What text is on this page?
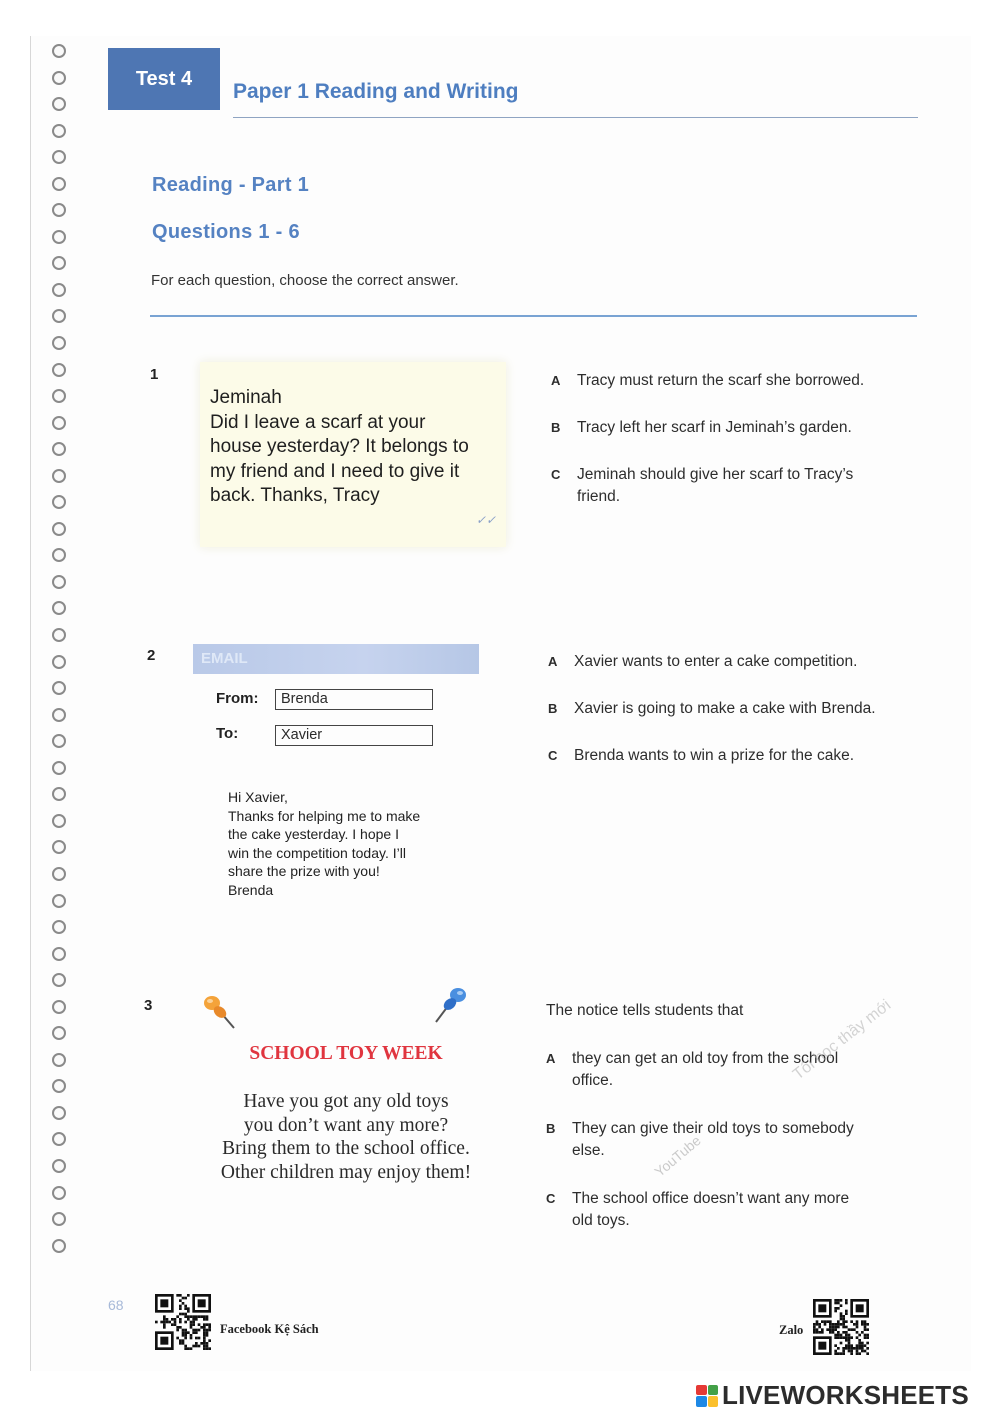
Test 4
Paper 1 Reading and Writing
Reading - Part 1
Questions 1 - 6
For each question, choose the correct answer.
1
Jeminah
Did I leave a scarf at your
house yesterday? It belongs to
my friend and I need to give it
back. Thanks, Tracy
✓✓
A Tracy must return the scarf she borrowed.
B Tracy left her scarf in Jeminah’s garden.
C Jeminah should give her scarf to Tracy’s
friend.
2	EMAIL
From:	Brenda
To:	Xavier
Hi Xavier,
Thanks for helping me to make
the cake yesterday. I hope I
win the competition today. I’ll
share the prize with you!
Brenda
A Xavier wants to enter a cake competition.
B Xavier is going to make a cake with Brenda.
C Brenda wants to win a prize for the cake.
3
SCHOOL TOY WEEK
Have you got any old toys
you don’t want any more?
Bring them to the school office.
Other children may enjoy them!
The notice tells students that
A they can get an old toy from the school
office.
B They can give their old toys to somebody
else.
C The school office doesn’t want any more
old toys.
Tôi học thầy mới
YouTube
68
Facebook Kệ Sách	Zalo
LIVEWORKSHEETS
